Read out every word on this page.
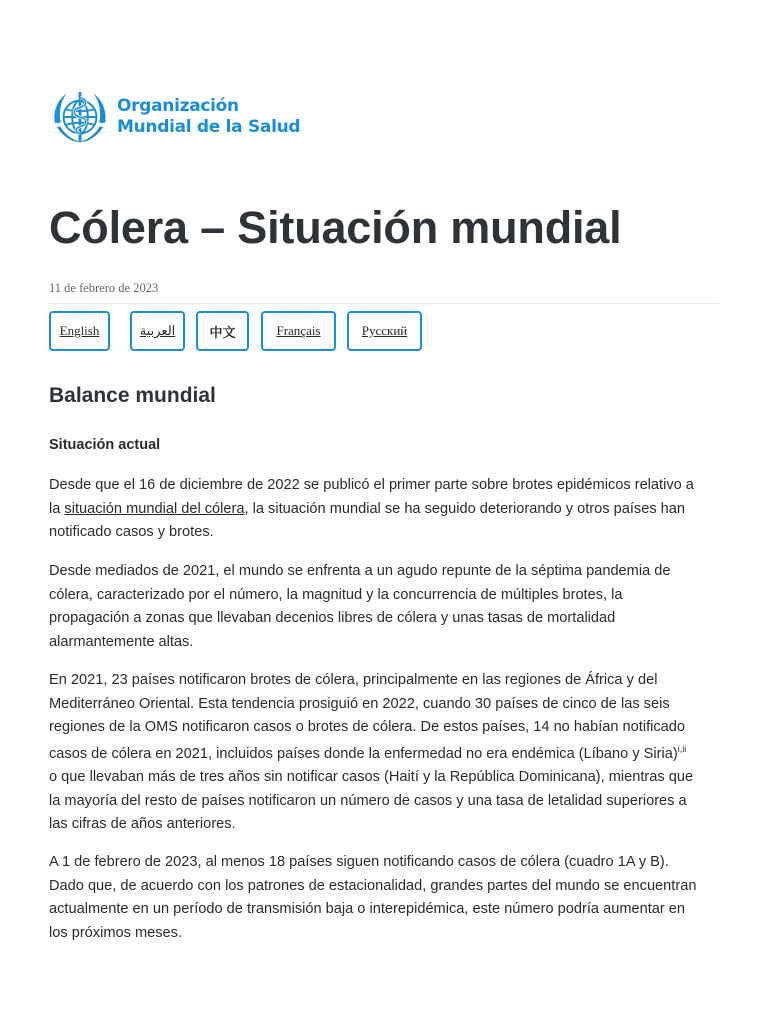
Organización
Mundial de la Salud
Cólera – Situación mundial
11 de febrero de 2023
English	العربية	中文	Français	Русский
Balance mundial
Situación actual

Desde que el 16 de diciembre de 2022 se publicó el primer parte sobre brotes epidémicos relativo a
la situación mundial del cólera, la situación mundial se ha seguido deteriorando y otros países han
notificado casos y brotes.

Desde mediados de 2021, el mundo se enfrenta a un agudo repunte de la séptima pandemia de
cólera, caracterizado por el número, la magnitud y la concurrencia de múltiples brotes, la
propagación a zonas que llevaban decenios libres de cólera y unas tasas de mortalidad
alarmantemente altas.

En 2021, 23 países notificaron brotes de cólera, principalmente en las regiones de África y del
Mediterráneo Oriental. Esta tendencia prosiguió en 2022, cuando 30 países de cinco de las seis
regiones de la OMS notificaron casos o brotes de cólera. De estos países, 14 no habían notificado
casos de cólera en 2021, incluidos países donde la enfermedad no era endémica (Líbano y Siria)$^{i,ii}$
o que llevaban más de tres años sin notificar casos (Haití y la República Dominicana), mientras que
la mayoría del resto de países notificaron un número de casos y una tasa de letalidad superiores a
las cifras de años anteriores.

A 1 de febrero de 2023, al menos 18 países siguen notificando casos de cólera (cuadro 1A y B).
Dado que, de acuerdo con los patrones de estacionalidad, grandes partes del mundo se encuentran
actualmente en un período de transmisión baja o interepidémica, este número podría aumentar en
los próximos meses.
